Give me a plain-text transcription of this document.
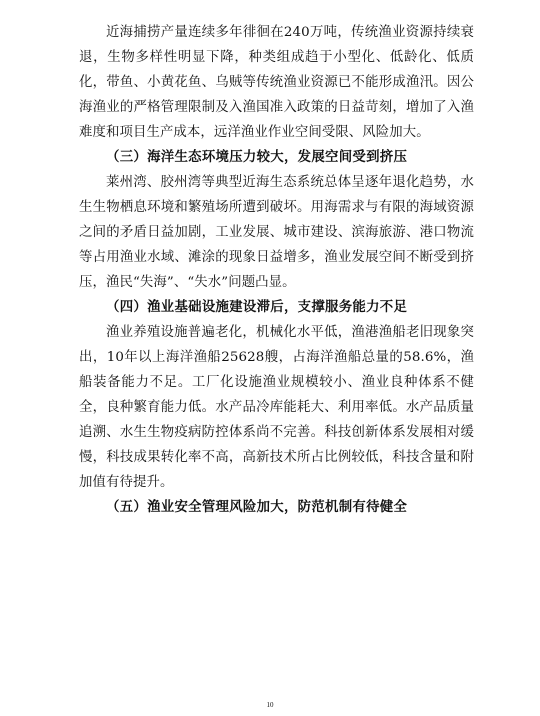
近海捕捞产量连续多年徘徊在240万吨，传统渔业资源持续衰退，生物多样性明显下降，种类组成趋于小型化、低龄化、低质化，带鱼、小黄花鱼、乌贼等传统渔业资源已不能形成渔汛。因公海渔业的严格管理限制及入渔国准入政策的日益苛刻，增加了入渔难度和项目生产成本，远洋渔业作业空间受限、风险加大。

（三）海洋生态环境压力较大，发展空间受到挤压

莱州湾、胶州湾等典型近海生态系统总体呈逐年退化趋势，水生生物栖息环境和繁殖场所遭到破坏。用海需求与有限的海域资源之间的矛盾日益加剧，工业发展、城市建设、滨海旅游、港口物流等占用渔业水域、滩涂的现象日益增多，渔业发展空间不断受到挤压，渔民“失海”、“失水”问题凸显。

（四）渔业基础设施建设滞后，支撑服务能力不足

渔业养殖设施普遍老化，机械化水平低，渔港渔船老旧现象突出，10年以上海洋渔船25628艘，占海洋渔船总量的58.6%，渔船装备能力不足。工厂化设施渔业规模较小、渔业良种体系不健全，良种繁育能力低。水产品冷库能耗大、利用率低。水产品质量追溯、水生生物疫病防控体系尚不完善。科技创新体系发展相对缓慢，科技成果转化率不高，高新技术所占比例较低，科技含量和附加值有待提升。

（五）渔业安全管理风险加大，防范机制有待健全
10
